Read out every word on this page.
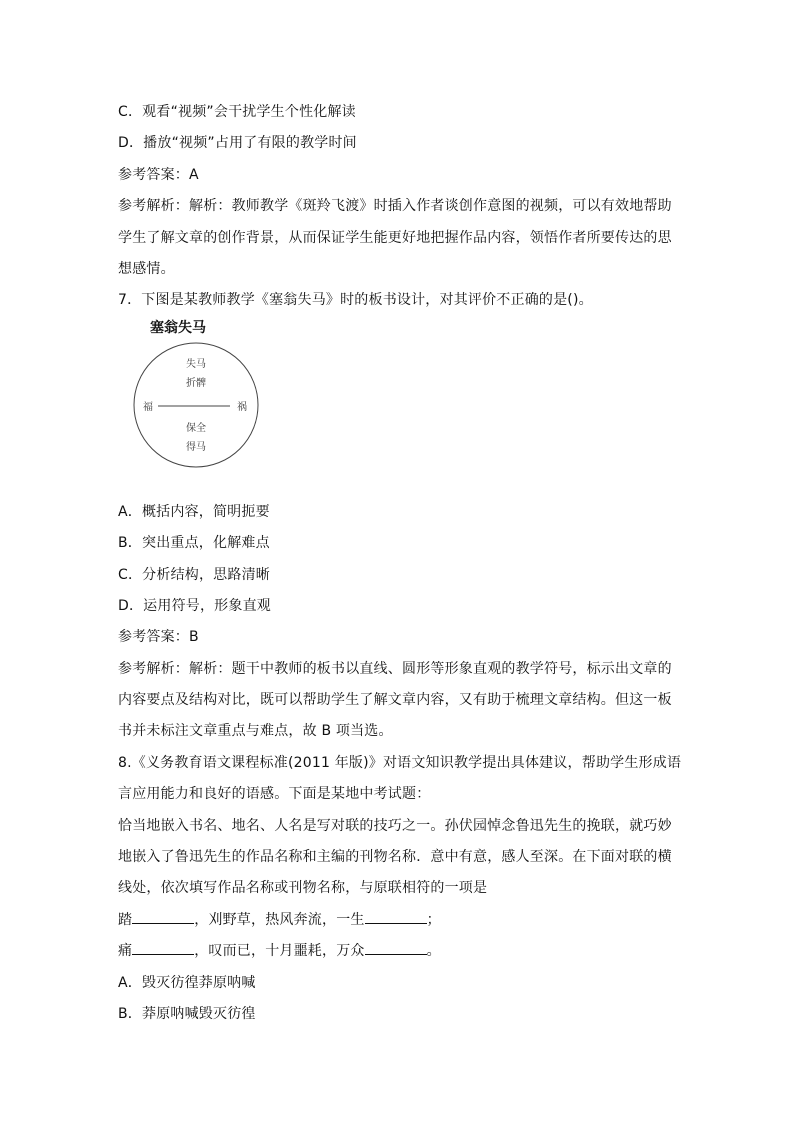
C．观看“视频”会干扰学生个性化解读
D．播放“视频”占用了有限的教学时间
参考答案：A
参考解析：解析：教师教学《斑羚飞渡》时插入作者谈创作意图的视频，可以有效地帮助
学生了解文章的创作背景，从而保证学生能更好地把握作品内容，领悟作者所要传达的思
想感情。
7．下图是某教师教学《塞翁失马》时的板书设计，对其评价不正确的是()。
塞翁失马
失马
折髀
福	祸
保全
得马
A．概括内容，简明扼要
B．突出重点，化解难点
C．分析结构，思路清晰
D．运用符号，形象直观
参考答案：B
参考解析：解析：题干中教师的板书以直线、圆形等形象直观的教学符号，标示出文章的
内容要点及结构对比，既可以帮助学生了解文章内容，又有助于梳理文章结构。但这一板
书并未标注文章重点与难点，故 B 项当选。
8.《义务教育语文课程标准(2011 年版)》对语文知识教学提出具体建议，帮助学生形成语
言应用能力和良好的语感。下面是某地中考试题：
恰当地嵌入书名、地名、人名是写对联的技巧之一。孙伏园悼念鲁迅先生的挽联，就巧妙
地嵌入了鲁迅先生的作品名称和主编的刊物名称．意中有意，感人至深。在下面对联的横
线处，依次填写作品名称或刊物名称，与原联相符的一项是
踏	，刈野草，热风奔流，一生	；
痛	，叹而已，十月噩耗，万众	。
A．毁灭彷徨莽原呐喊
B．莽原呐喊毁灭彷徨
